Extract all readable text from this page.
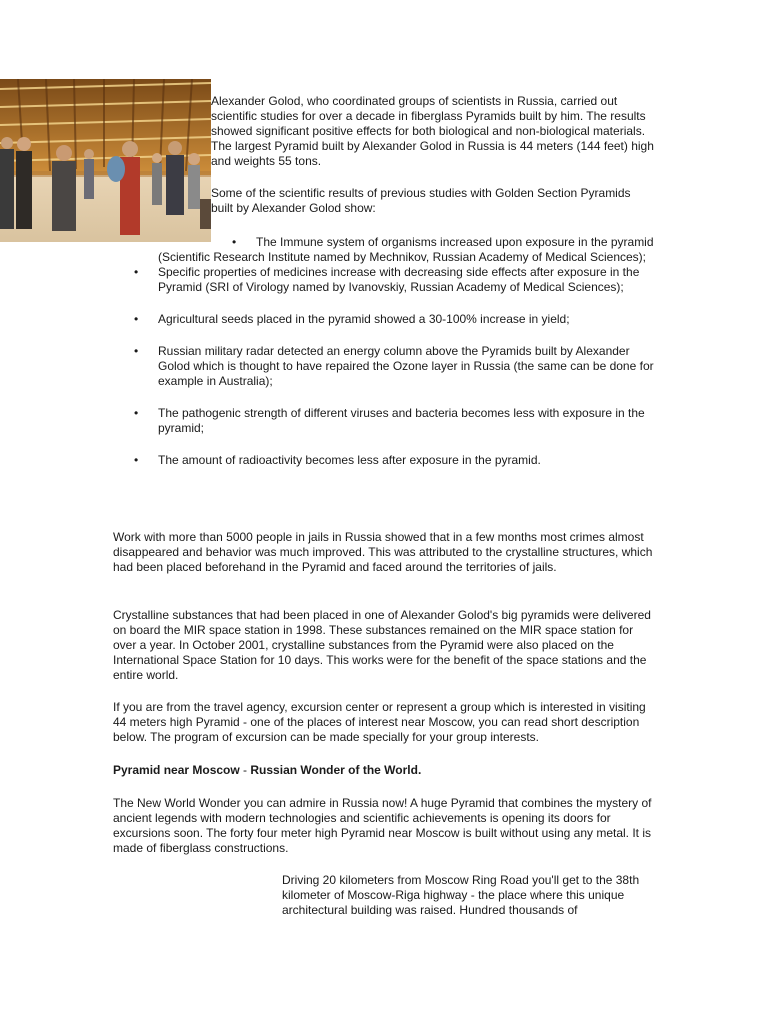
Alexander Golod, who coordinated groups of scientists in Russia, carried out scientific studies for over a decade in fiberglass Pyramids built by him. The results showed significant positive effects for both biological and non-biological materials. The largest Pyramid built by Alexander Golod in Russia is 44 meters (144 feet) high and weights 55 tons.

Some of the scientific results of previous studies with Golden Section Pyramids built by Alexander Golod show:

• The Immune system of organisms increased upon exposure in the pyramid (Scientific Research Institute named by Mechnikov, Russian Academy of Medical Sciences);
• Specific properties of medicines increase with decreasing side effects after exposure in the Pyramid (SRI of Virology named by Ivanovskiy, Russian Academy of Medical Sciences);
• Agricultural seeds placed in the pyramid showed a 30-100% increase in yield;
• Russian military radar detected an energy column above the Pyramids built by Alexander Golod which is thought to have repaired the Ozone layer in Russia (the same can be done for example in Australia);
• The pathogenic strength of different viruses and bacteria becomes less with exposure in the pyramid;
• The amount of radioactivity becomes less after exposure in the pyramid.

Work with more than 5000 people in jails in Russia showed that in a few months most crimes almost disappeared and behavior was much improved. This was attributed to the crystalline structures, which had been placed beforehand in the Pyramid and faced around the territories of jails.

Crystalline substances that had been placed in one of Alexander Golod's big pyramids were delivered on board the MIR space station in 1998. These substances remained on the MIR space station for over a year. In October 2001, crystalline substances from the Pyramid were also placed on the International Space Station for 10 days. This works were for the benefit of the space stations and the entire world.

If you are from the travel agency, excursion center or represent a group which is interested in visiting 44 meters high Pyramid - one of the places of interest near Moscow, you can read short description below. The program of excursion can be made specially for your group interests.

Pyramid near Moscow - Russian Wonder of the World.

The New World Wonder you can admire in Russia now! A huge Pyramid that combines the mystery of ancient legends with modern technologies and scientific achievements is opening its doors for excursions soon. The forty four meter high Pyramid near Moscow is built without using any metal. It is made of fiberglass constructions.

Driving 20 kilometers from Moscow Ring Road you'll get to the 38th kilometer of Moscow-Riga highway - the place where this unique architectural building was raised. Hundred thousands of
